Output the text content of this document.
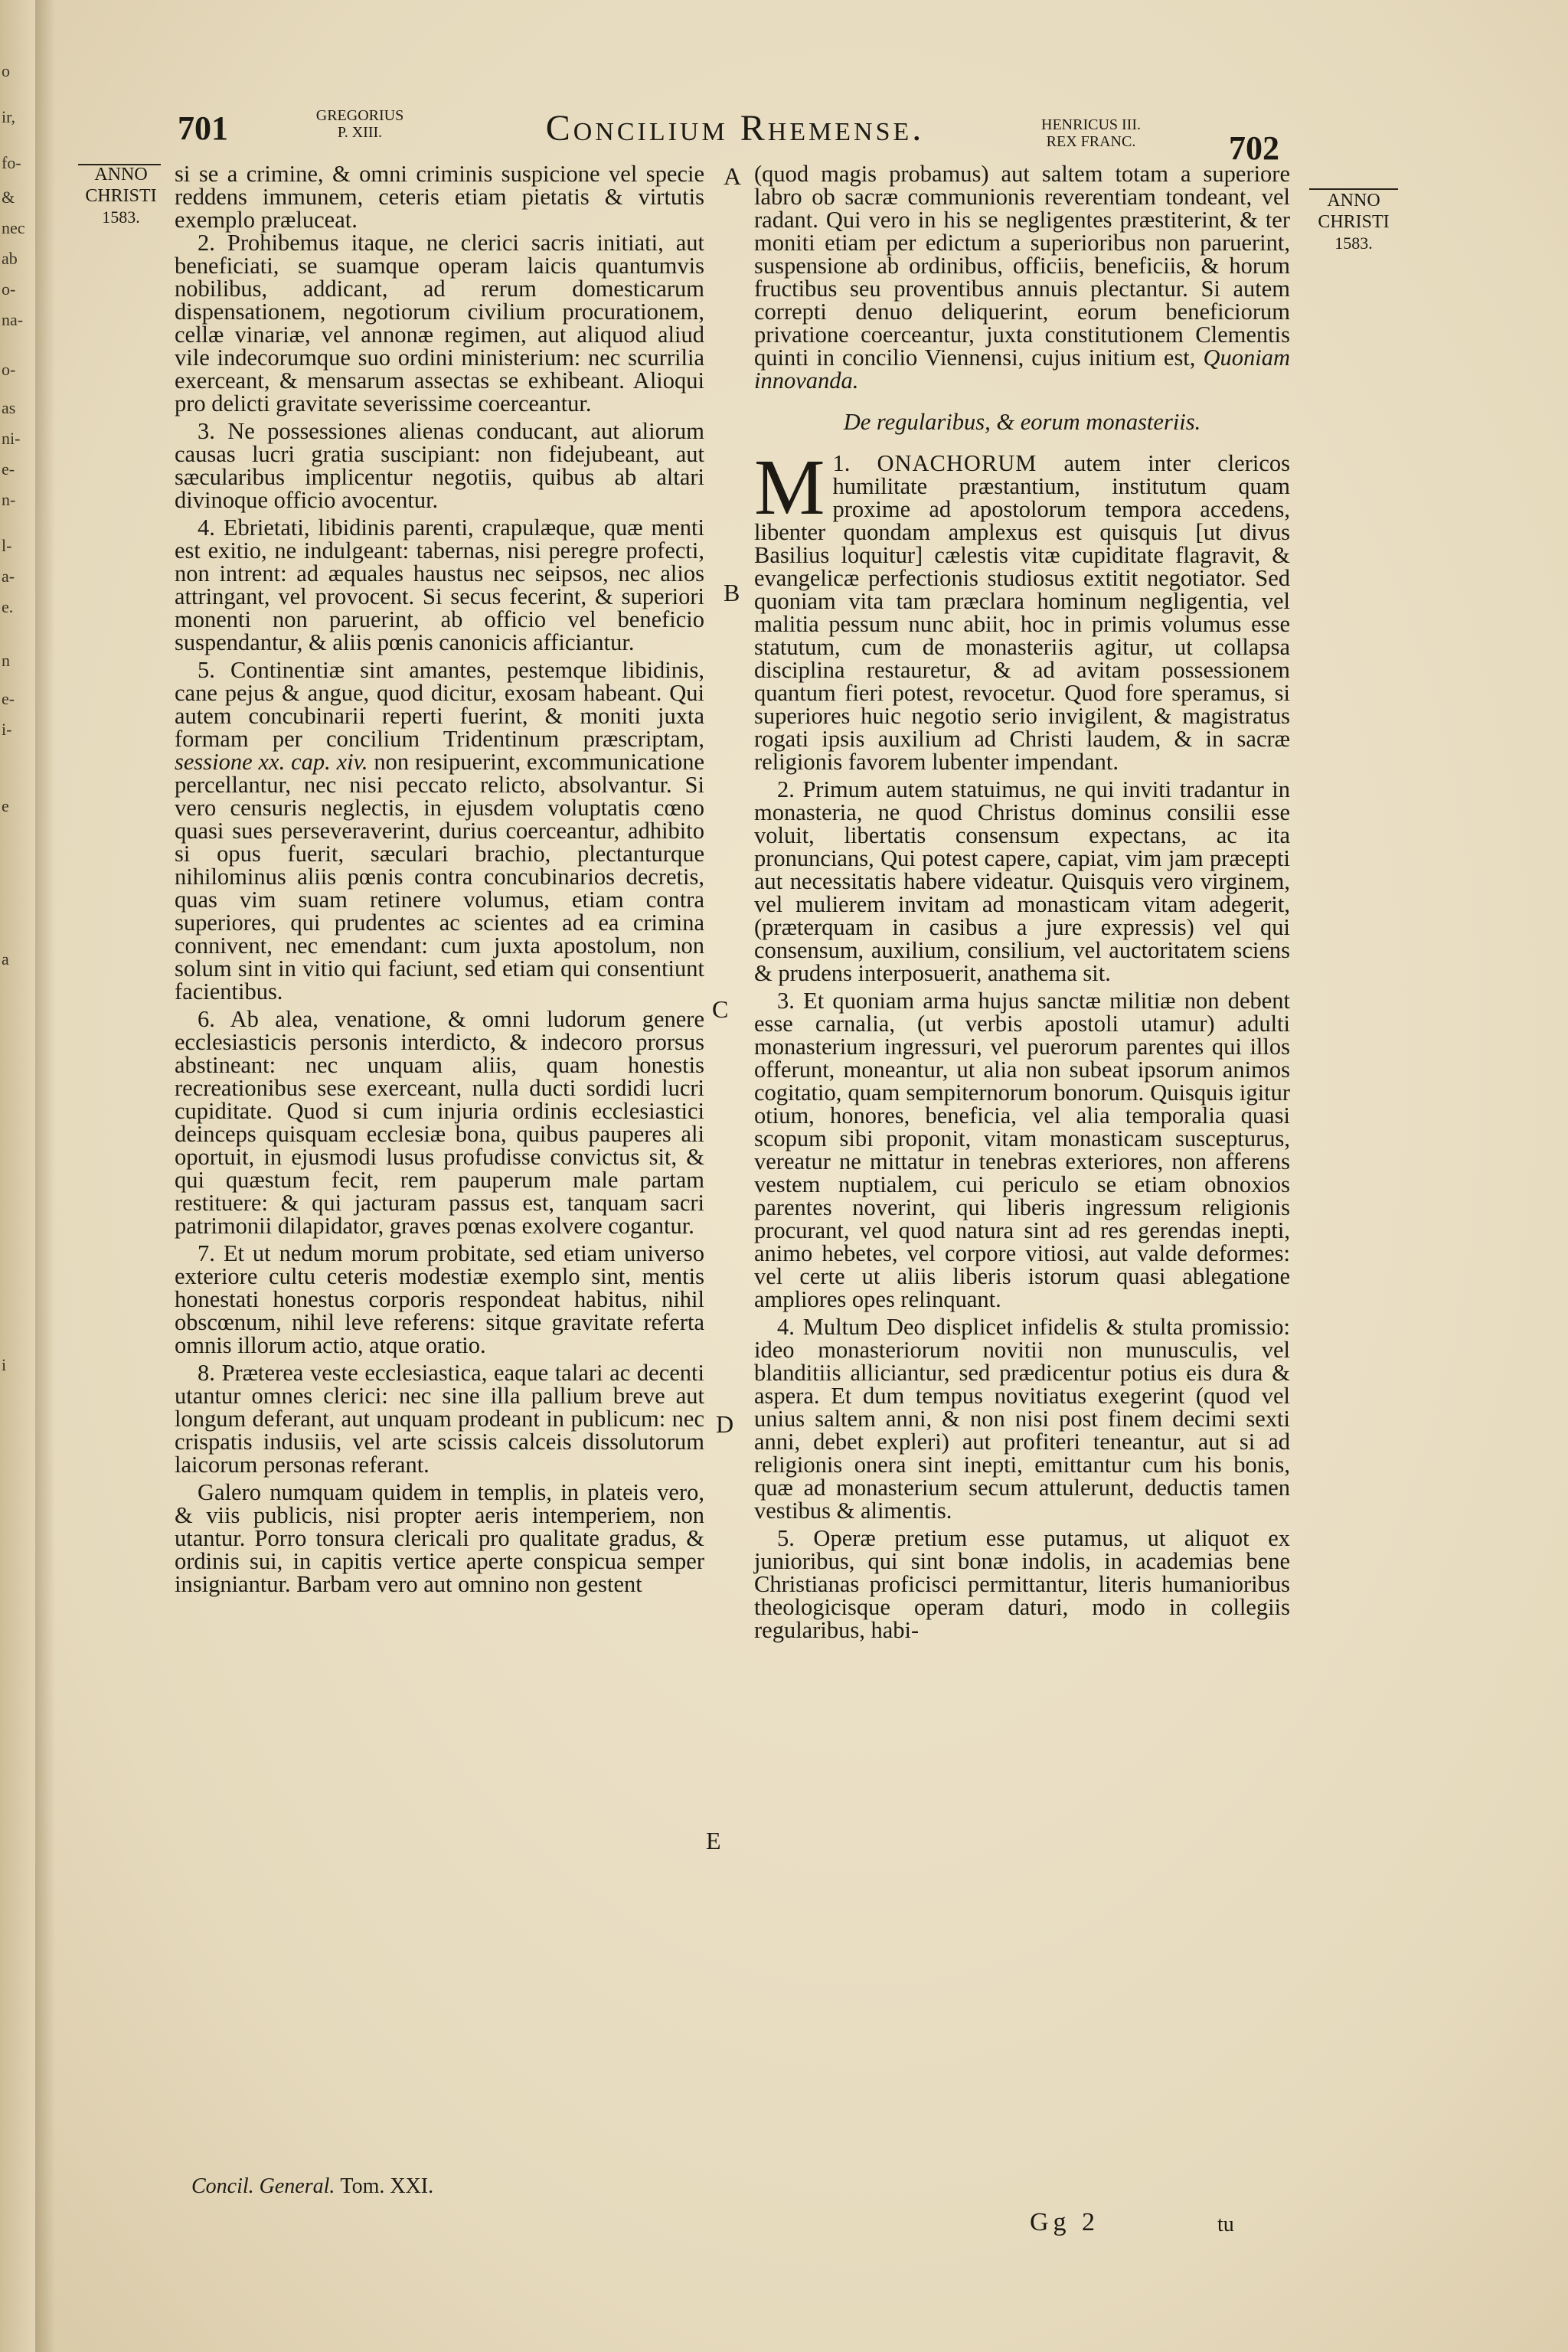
o
ir,
fo-
&
nec
ab
o-
na-
o-
as
ni-
e-
n-
l-
a-
e.
n
e-
i-
e
i
a
701	GREGORIUS
P. XIII.	Concilium Rhemense.	HENRICUS III.
REX FRANC.	702
ANNO
CHRISTI
1583.
ANNO
CHRISTI
1583.
A
B
C
D
E

si se a crimine, & omni criminis suspicione vel specie reddens immunem, ceteris etiam pietatis & virtutis exemplo præluceat.

2. Prohibemus itaque, ne clerici sacris initiati, aut beneficiati, se suamque operam laicis quantumvis nobilibus, addicant, ad rerum domesticarum dispensationem, negotiorum civilium procurationem, cellæ vinariæ, vel annonæ regimen, aut aliquod aliud vile indecorumque suo ordini ministerium: nec scurrilia exerceant, & mensarum assectas se exhibeant. Alioqui pro delicti gravitate severissime coerceantur.

3. Ne possessiones alienas conducant, aut aliorum causas lucri gratia suscipiant: non fidejubeant, aut sæcularibus implicentur negotiis, quibus ab altari divinoque officio avocentur.

4. Ebrietati, libidinis parenti, crapulæque, quæ menti est exitio, ne indulgeant: tabernas, nisi peregre profecti, non intrent: ad æquales haustus nec seipsos, nec alios attringant, vel provocent. Si secus fecerint, & superiori monenti non paruerint, ab officio vel beneficio suspendantur, & aliis pœnis canonicis afficiantur.

5. Continentiæ sint amantes, pestemque libidinis, cane pejus & angue, quod dicitur, exosam habeant. Qui autem concubinarii reperti fuerint, & moniti juxta formam per concilium Tridentinum præscriptam, sessione xx. cap. xiv. non resipuerint, excommunicatione percellantur, nec nisi peccato relicto, absolvantur. Si vero censuris neglectis, in ejusdem voluptatis cœno quasi sues perseveraverint, durius coerceantur, adhibito si opus fuerit, sæculari brachio, plectanturque nihilominus aliis pœnis contra concubinarios decretis, quas vim suam retinere volumus, etiam contra superiores, qui prudentes ac scientes ad ea crimina connivent, nec emendant: cum juxta apostolum, non solum sint in vitio qui faciunt, sed etiam qui consentiunt facientibus.

6. Ab alea, venatione, & omni ludorum genere ecclesiasticis personis interdicto, & indecoro prorsus abstineant: nec unquam aliis, quam honestis recreationibus sese exerceant, nulla ducti sordidi lucri cupiditate. Quod si cum injuria ordinis ecclesiastici deinceps quisquam ecclesiæ bona, quibus pauperes ali oportuit, in ejusmodi lusus profudisse convictus sit, & qui quæstum fecit, rem pauperum male partam restituere: & qui jacturam passus est, tanquam sacri patrimonii dilapidator, graves pœnas exolvere cogantur.

7. Et ut nedum morum probitate, sed etiam universo exteriore cultu ceteris modestiæ exemplo sint, mentis honestati honestus corporis respondeat habitus, nihil obscœnum, nihil leve referens: sitque gravitate referta omnis illorum actio, atque oratio.

8. Præterea veste ecclesiastica, eaque talari ac decenti utantur omnes clerici: nec sine illa pallium breve aut longum deferant, aut unquam prodeant in publicum: nec crispatis indusiis, vel arte scissis calceis dissolutorum laicorum personas referant.

Galero numquam quidem in templis, in plateis vero, & viis publicis, nisi propter aeris intemperiem, non utantur. Porro tonsura clericali pro qualitate gradus, & ordinis sui, in capitis vertice aperte conspicua semper insigniantur. Barbam vero aut omnino non gestent

(quod magis probamus) aut saltem totam a superiore labro ob sacræ communionis reverentiam tondeant, vel radant. Qui vero in his se negligentes præstiterint, & ter moniti etiam per edictum a superioribus non paruerint, suspensione ab ordinibus, officiis, beneficiis, & horum fructibus seu proventibus annuis plectantur. Si autem correpti denuo deliquerint, eorum beneficiorum privatione coerceantur, juxta constitutionem Clementis quinti in concilio Viennensi, cujus initium est, Quoniam innovanda.

De regularibus, & eorum monasteriis.

1.
M ONACHORUM autem inter clericos humilitate præstantium, institutum quam proxime ad apostolorum tempora accedens, libenter quondam amplexus est quisquis [ut divus Basilius loquitur] cælestis vitæ cupiditate flagravit, & evangelicæ perfectionis studiosus extitit negotiator. Sed quoniam vita tam præclara hominum negligentia, vel malitia pessum nunc abiit, hoc in primis volumus esse statutum, cum de monasteriis agitur, ut collapsa disciplina restauretur, & ad avitam possessionem quantum fieri potest, revocetur. Quod fore speramus, si superiores huic negotio serio invigilent, & magistratus rogati ipsis auxilium ad Christi laudem, & in sacræ religionis favorem lubenter impendant.

2. Primum autem statuimus, ne qui inviti tradantur in monasteria, ne quod Christus dominus consilii esse voluit, libertatis consensum expectans, ac ita pronuncians, Qui potest capere, capiat, vim jam præcepti aut necessitatis habere videatur. Quisquis vero virginem, vel mulierem invitam ad monasticam vitam adegerit, (præterquam in casibus a jure expressis) vel qui consensum, auxilium, consilium, vel auctoritatem sciens & prudens interposuerit, anathema sit.

3. Et quoniam arma hujus sanctæ militiæ non debent esse carnalia, (ut verbis apostoli utamur) adulti monasterium ingressuri, vel puerorum parentes qui illos offerunt, moneantur, ut alia non subeat ipsorum animos cogitatio, quam sempiternorum bonorum. Quisquis igitur otium, honores, beneficia, vel alia temporalia quasi scopum sibi proponit, vitam monasticam suscepturus, vereatur ne mittatur in tenebras exteriores, non afferens vestem nuptialem, cui periculo se etiam obnoxios parentes noverint, qui liberis ingressum religionis procurant, vel quod natura sint ad res gerendas inepti, animo hebetes, vel corpore vitiosi, aut valde deformes: vel certe ut aliis liberis istorum quasi ablegatione ampliores opes relinquant.

4. Multum Deo displicet infidelis & stulta promissio: ideo monasteriorum novitii non munusculis, vel blanditiis alliciantur, sed prædicentur potius eis dura & aspera. Et dum tempus novitiatus exegerint (quod vel unius saltem anni, & non nisi post finem decimi sexti anni, debet expleri) aut profiteri teneantur, aut si ad religionis onera sint inepti, emittantur cum his bonis, quæ ad monasterium secum attulerunt, deductis tamen vestibus & alimentis.

5. Operæ pretium esse putamus, ut aliquot ex junioribus, qui sint bonæ indolis, in academias bene Christianas proficisci permittantur, literis humanioribus theologicisque operam daturi, modo in collegiis regularibus, habi-

Concil. General. Tom. XXI.
Gg 2	tu
